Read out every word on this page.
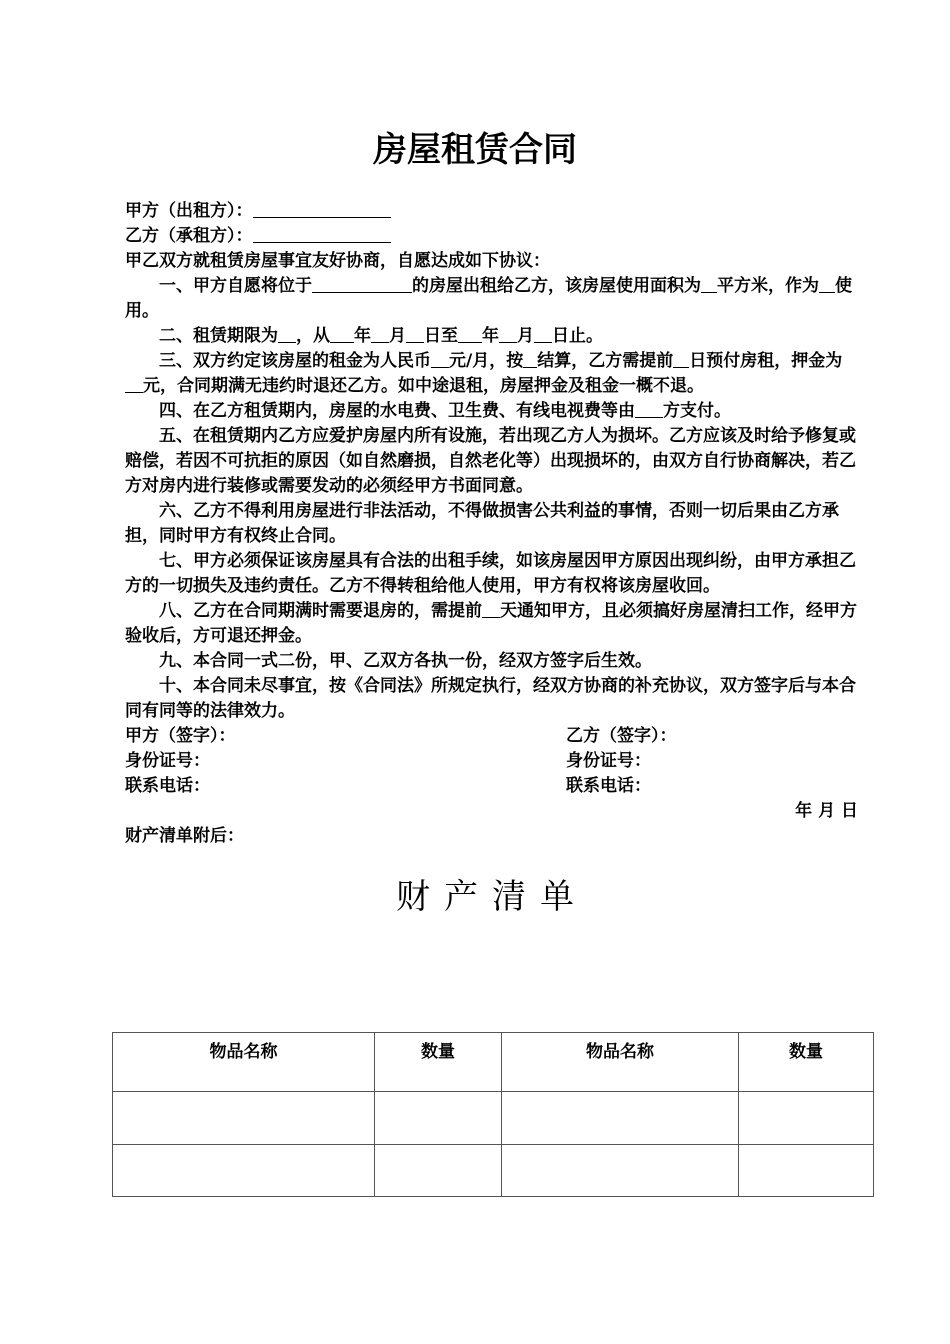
房屋租赁合同

甲方（出租方）：

乙方（承租方）：

甲乙双方就租赁房屋事宜友好协商，自愿达成如下协议：

一、甲方自愿将位于	的房屋出租给乙方，该房屋使用面积为 平方米，作为 使用。

二、租赁期限为 ，从 年 月 日至 年 月 日止。

三、双方约定该房屋的租金为人民币 元/月，按 结算，乙方需提前 日预付房租，押金为元，合同期满无违约时退还乙方。如中途退租，房屋押金及租金一概不退。

四、在乙方租赁期内，房屋的水电费、卫生费、有线电视费等由 方支付。

五、在租赁期内乙方应爱护房屋内所有设施，若出现乙方人为损坏。乙方应该及时给予修复或赔偿，若因不可抗拒的原因（如自然磨损，自然老化等）出现损坏的，由双方自行协商解决，若乙方对房内进行装修或需要发动的必须经甲方书面同意。

六、乙方不得利用房屋进行非法活动，不得做损害公共利益的事情，否则一切后果由乙方承担，同时甲方有权终止合同。

七、甲方必须保证该房屋具有合法的出租手续，如该房屋因甲方原因出现纠纷，由甲方承担乙方的一切损失及违约责任。乙方不得转租给他人使用，甲方有权将该房屋收回。

八、乙方在合同期满时需要退房的，需提前 天通知甲方，且必须搞好房屋清扫工作，经甲方验收后，方可退还押金。

九、本合同一式二份，甲、乙双方各执一份，经双方签字后生效。

十、本合同未尽事宜，按《合同法》所规定执行，经双方协商的补充协议，双方签字后与本合同有同等的法律效力。

甲方（签字）：	乙方（签字）：
身份证号：	身份证号：
联系电话：	联系电话：

年 月 日

财产清单附后：

财产清单
物品名称	数量	物品名称	数量
